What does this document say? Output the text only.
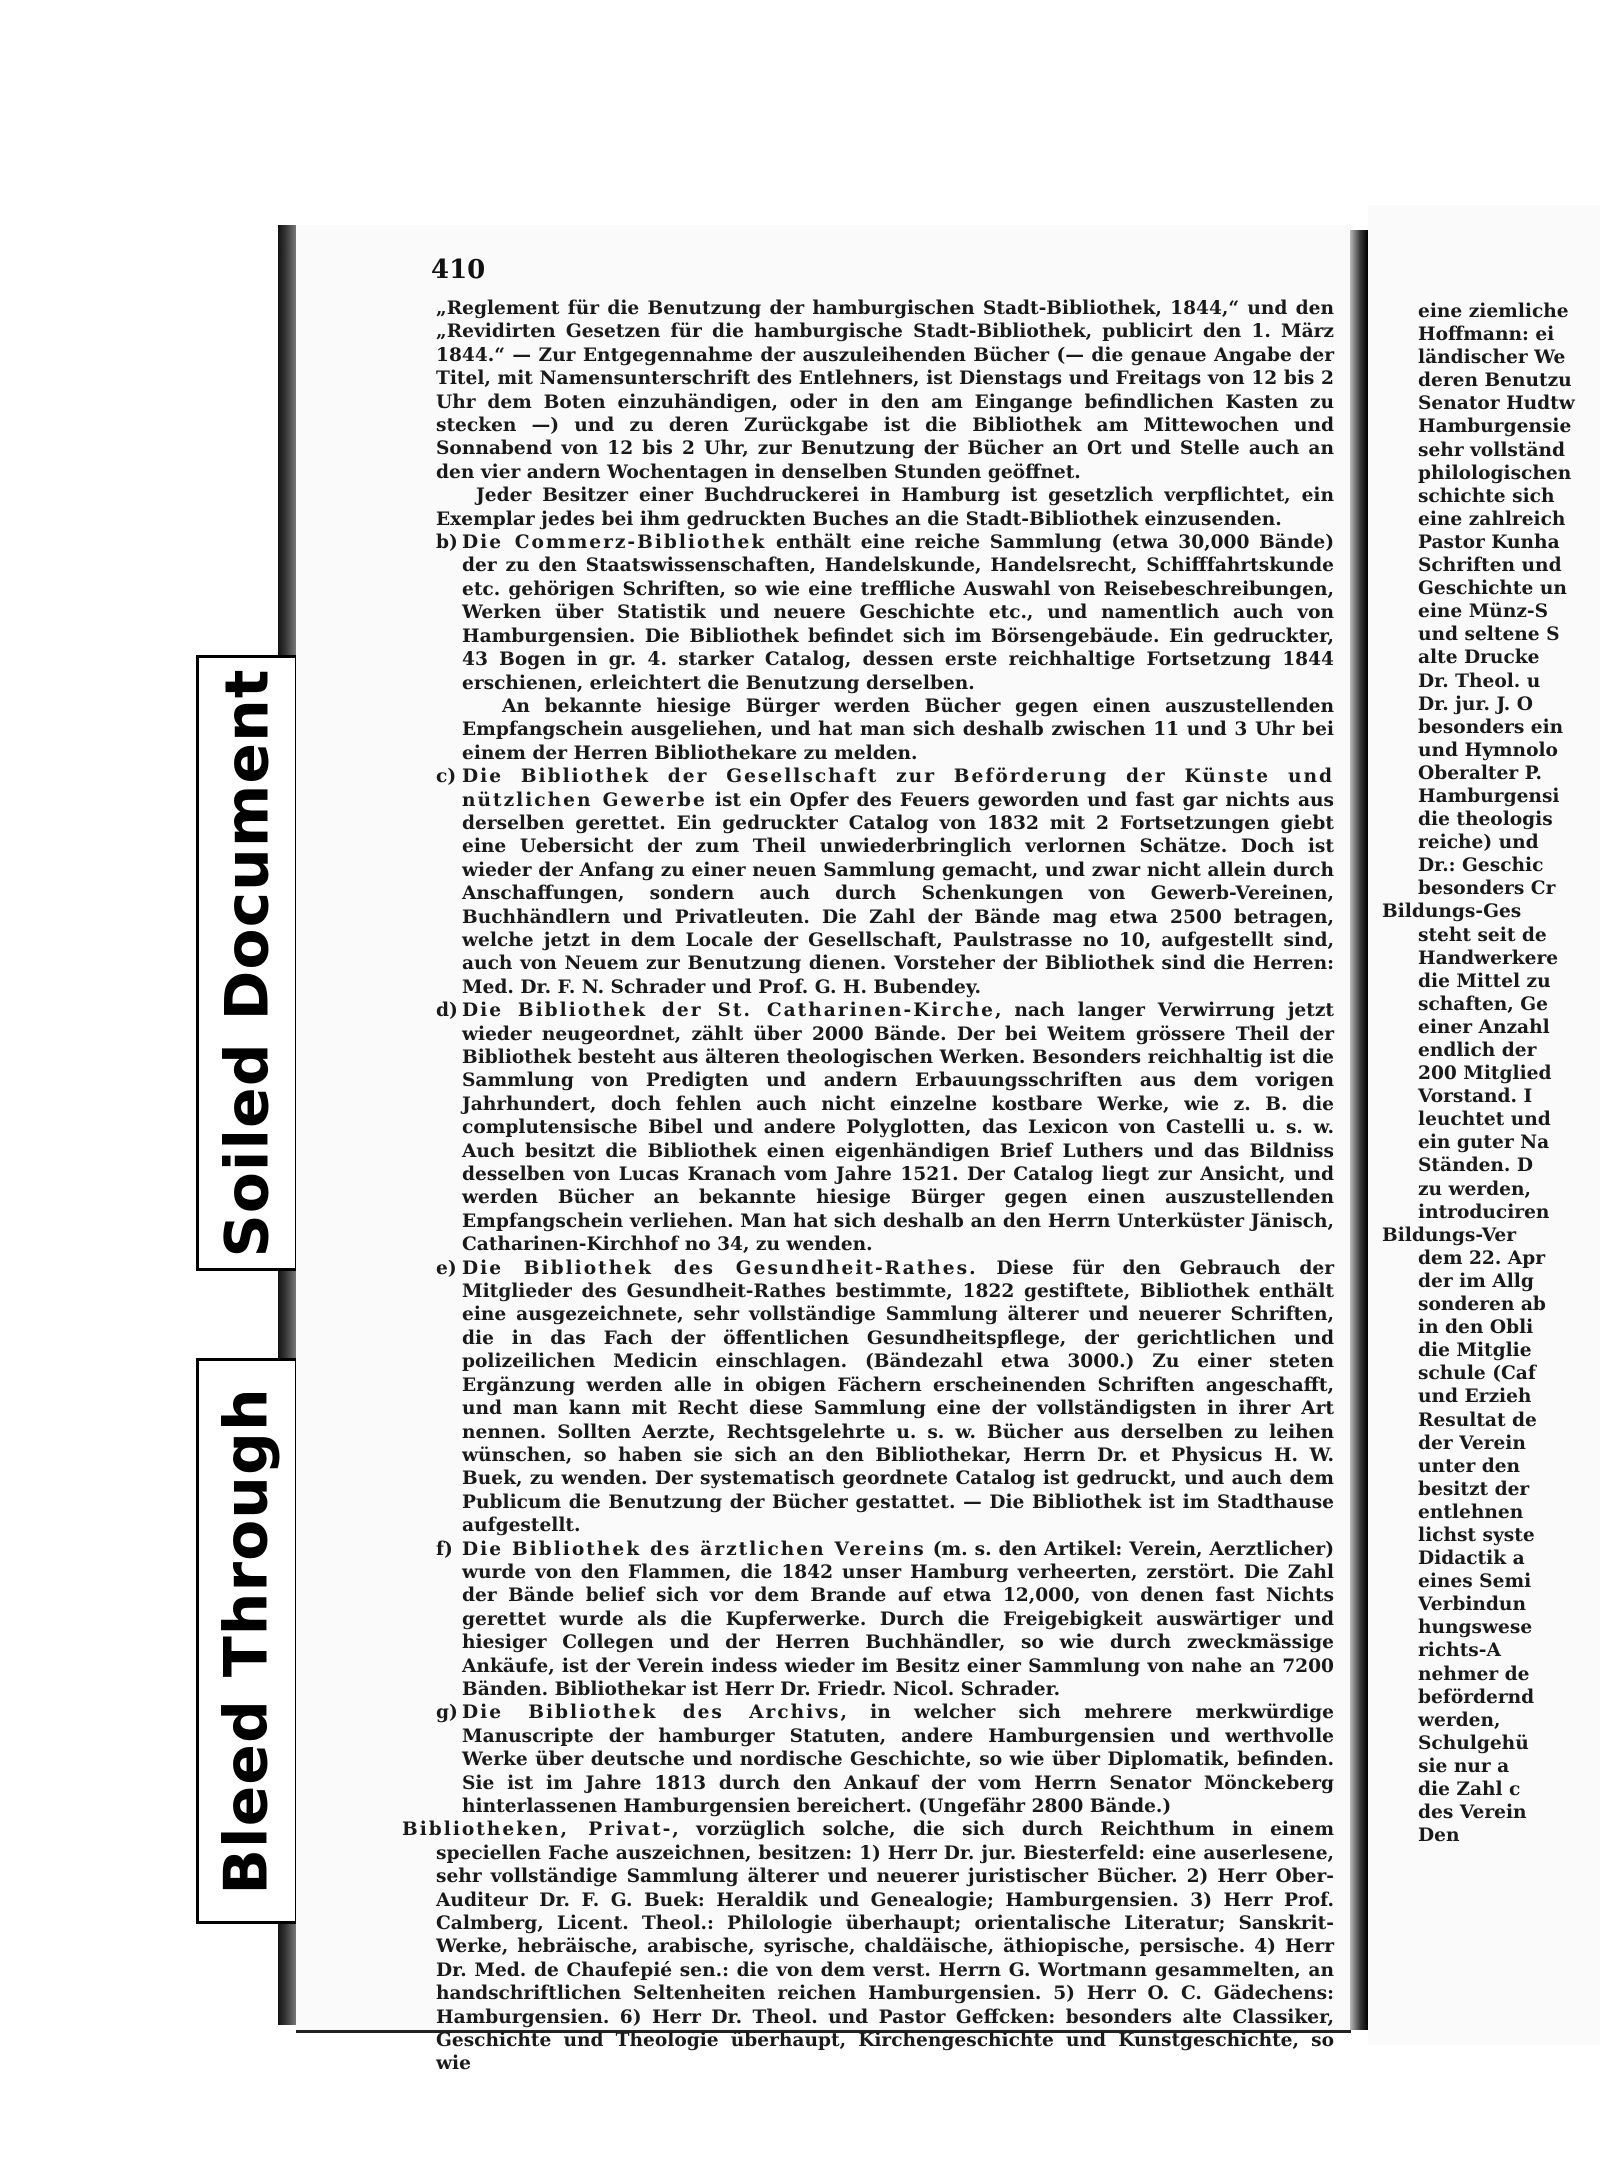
Soiled Document
Bleed Through
410

„Reglement für die Benutzung der hamburgischen Stadt-Bibliothek, 1844,“ und den „Revidirten Gesetzen für die hamburgische Stadt-Bibliothek, publicirt den 1. März 1844.“ — Zur Entgegennahme der auszuleihenden Bücher (— die genaue Angabe der Titel, mit Namensunterschrift des Entlehners, ist Dienstags und Freitags von 12 bis 2 Uhr dem Boten einzuhändigen, oder in den am Eingange befindlichen Kasten zu stecken —) und zu deren Zurückgabe ist die Bibliothek am Mittewochen und Sonnabend von 12 bis 2 Uhr, zur Benutzung der Bücher an Ort und Stelle auch an den vier andern Wochentagen in denselben Stunden geöffnet.

Jeder Besitzer einer Buchdruckerei in Hamburg ist gesetzlich verpflichtet, ein Exemplar jedes bei ihm gedruckten Buches an die Stadt-Bibliothek einzusenden.

b) Die Commerz-Bibliothek enthält eine reiche Sammlung (etwa 30,000 Bände) der zu den Staatswissenschaften, Handelskunde, Handelsrecht, Schifffahrtskunde etc. gehörigen Schriften, so wie eine treffliche Auswahl von Reisebeschreibungen, Werken über Statistik und neuere Geschichte etc., und namentlich auch von Hamburgensien. Die Bibliothek befindet sich im Börsengebäude. Ein gedruckter, 43 Bogen in gr. 4. starker Catalog, dessen erste reichhaltige Fortsetzung 1844 erschienen, erleichtert die Benutzung derselben.

An bekannte hiesige Bürger werden Bücher gegen einen auszustellenden Empfangschein ausgeliehen, und hat man sich deshalb zwischen 11 und 3 Uhr bei einem der Herren Bibliothekare zu melden.

c) Die Bibliothek der Gesellschaft zur Beförderung der Künste und nützlichen Gewerbe ist ein Opfer des Feuers geworden und fast gar nichts aus derselben gerettet. Ein gedruckter Catalog von 1832 mit 2 Fortsetzungen giebt eine Uebersicht der zum Theil unwiederbringlich verlornen Schätze. Doch ist wieder der Anfang zu einer neuen Sammlung gemacht, und zwar nicht allein durch Anschaffungen, sondern auch durch Schenkungen von Gewerb-Vereinen, Buchhändlern und Privatleuten. Die Zahl der Bände mag etwa 2500 betragen, welche jetzt in dem Locale der Gesellschaft, Paulstrasse no 10, aufgestellt sind, auch von Neuem zur Benutzung dienen. Vorsteher der Bibliothek sind die Herren: Med. Dr. F. N. Schrader und Prof. G. H. Bubendey.

d) Die Bibliothek der St. Catharinen-Kirche, nach langer Verwirrung jetzt wieder neugeordnet, zählt über 2000 Bände. Der bei Weitem grössere Theil der Bibliothek besteht aus älteren theologischen Werken. Besonders reichhaltig ist die Sammlung von Predigten und andern Erbauungsschriften aus dem vorigen Jahrhundert, doch fehlen auch nicht einzelne kostbare Werke, wie z. B. die complutensische Bibel und andere Polyglotten, das Lexicon von Castelli u. s. w. Auch besitzt die Bibliothek einen eigenhändigen Brief Luthers und das Bildniss desselben von Lucas Kranach vom Jahre 1521. Der Catalog liegt zur Ansicht, und werden Bücher an bekannte hiesige Bürger gegen einen auszustellenden Empfangschein verliehen. Man hat sich deshalb an den Herrn Unterküster Jänisch, Catharinen-Kirchhof no 34, zu wenden.

e) Die Bibliothek des Gesundheit-Rathes. Diese für den Gebrauch der Mitglieder des Gesundheit-Rathes bestimmte, 1822 gestiftete, Bibliothek enthält eine ausgezeichnete, sehr vollständige Sammlung älterer und neuerer Schriften, die in das Fach der öffentlichen Gesundheitspflege, der gerichtlichen und polizeilichen Medicin einschlagen. (Bändezahl etwa 3000.) Zu einer steten Ergänzung werden alle in obigen Fächern erscheinenden Schriften angeschafft, und man kann mit Recht diese Sammlung eine der vollständigsten in ihrer Art nennen. Sollten Aerzte, Rechtsgelehrte u. s. w. Bücher aus derselben zu leihen wünschen, so haben sie sich an den Bibliothekar, Herrn Dr. et Physicus H. W. Buek, zu wenden. Der systematisch geordnete Catalog ist gedruckt, und auch dem Publicum die Benutzung der Bücher gestattet. — Die Bibliothek ist im Stadthause aufgestellt.

f) Die Bibliothek des ärztlichen Vereins (m. s. den Artikel: Verein, Aerztlicher) wurde von den Flammen, die 1842 unser Hamburg verheerten, zerstört. Die Zahl der Bände belief sich vor dem Brande auf etwa 12,000, von denen fast Nichts gerettet wurde als die Kupferwerke. Durch die Freigebigkeit auswärtiger und hiesiger Collegen und der Herren Buchhändler, so wie durch zweckmässige Ankäufe, ist der Verein indess wieder im Besitz einer Sammlung von nahe an 7200 Bänden. Bibliothekar ist Herr Dr. Friedr. Nicol. Schrader.

g) Die Bibliothek des Archivs, in welcher sich mehrere merkwürdige Manuscripte der hamburger Statuten, andere Hamburgensien und werthvolle Werke über deutsche und nordische Geschichte, so wie über Diplomatik, befinden. Sie ist im Jahre 1813 durch den Ankauf der vom Herrn Senator Mönckeberg hinterlassenen Hamburgensien bereichert. (Ungefähr 2800 Bände.)

Bibliotheken, Privat-, vorzüglich solche, die sich durch Reichthum in einem speciellen Fache auszeichnen, besitzen: 1) Herr Dr. jur. Biesterfeld: eine auserlesene, sehr vollständige Sammlung älterer und neuerer juristischer Bücher. 2) Herr Ober-Auditeur Dr. F. G. Buek: Heraldik und Genealogie; Hamburgensien. 3) Herr Prof. Calmberg, Licent. Theol.: Philologie überhaupt; orientalische Literatur; Sanskrit-Werke, hebräische, arabische, syrische, chaldäische, äthiopische, persische. 4) Herr Dr. Med. de Chaufepié sen.: die von dem verst. Herrn G. Wortmann gesammelten, an handschriftlichen Seltenheiten reichen Hamburgensien. 5) Herr O. C. Gädechens: Hamburgensien. 6) Herr Dr. Theol. und Pastor Geffcken: besonders alte Classiker, Geschichte und Theologie überhaupt, Kirchengeschichte und Kunstgeschichte, so wie

eine ziemliche
Hoffmann: ei
ländischer We
deren Benutzu
Senator Hudtw
Hamburgensie
sehr vollständ
philologischen
schichte sich
eine zahlreich
Pastor Kunha
Schriften und
Geschichte un
eine Münz-S
und seltene S
alte Drucke
Dr. Theol. u
Dr. jur. J. O
besonders ein
und Hymnolo
Oberalter P.
Hamburgensi
die theologis
reiche) und
Dr.: Geschic
besonders Cr
Bildungs-Ges
steht seit de
Handwerkere
die Mittel zu
schaften, Ge
einer Anzahl
endlich der
200 Mitglied
Vorstand. I
leuchtet und
ein guter Na
Ständen. D
zu werden,
introduciren
Bildungs-Ver
dem 22. Apr
der im Allg
sonderen ab
in den Obli
die Mitglie
schule (Caf
und Erzieh
Resultat de
der Verein
unter den
besitzt der
entlehnen
lichst syste
Didactik a
eines Semi
Verbindun
hungswese
richts-A
nehmer de
befördernd
werden,
Schulgehü
sie nur a
die Zahl c
des Verein
Den
